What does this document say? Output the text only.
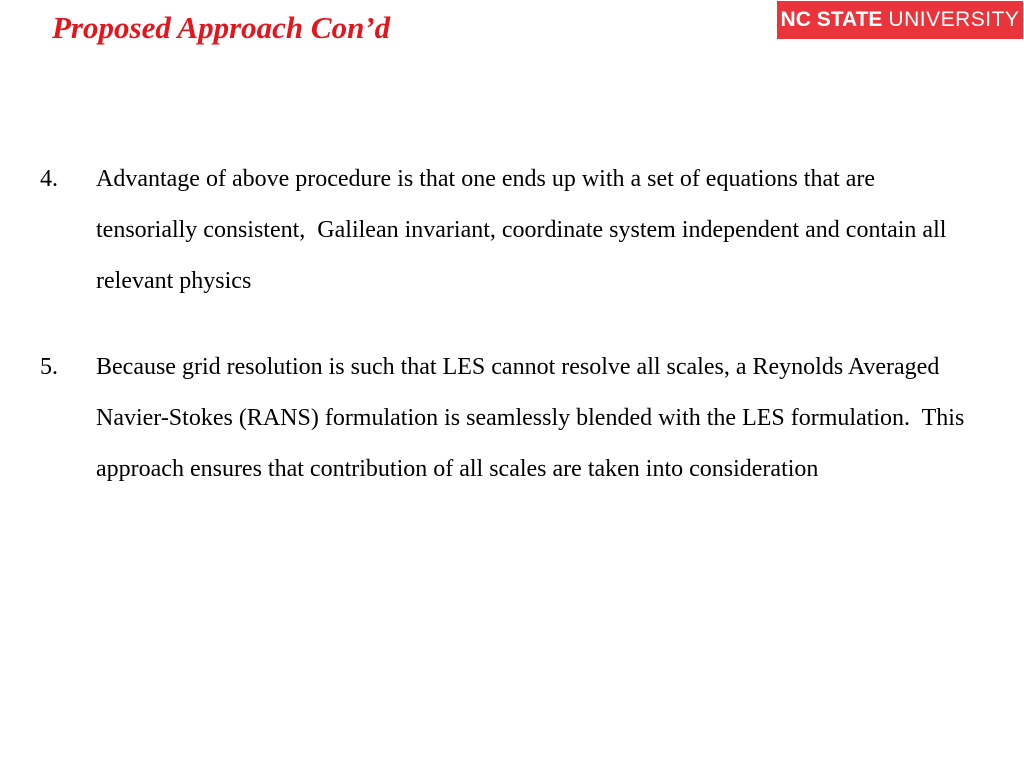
Proposed Approach Con’d	NC STATE UNIVERSITY
4.	Advantage of above procedure is that one ends up with a set of equations that are tensorially consistent,  Galilean invariant, coordinate system independent and contain all relevant physics
5.	Because grid resolution is such that LES cannot resolve all scales, a Reynolds Averaged Navier-Stokes (RANS) formulation is seamlessly blended with the LES formulation.  This approach ensures that contribution of all scales are taken into consideration
